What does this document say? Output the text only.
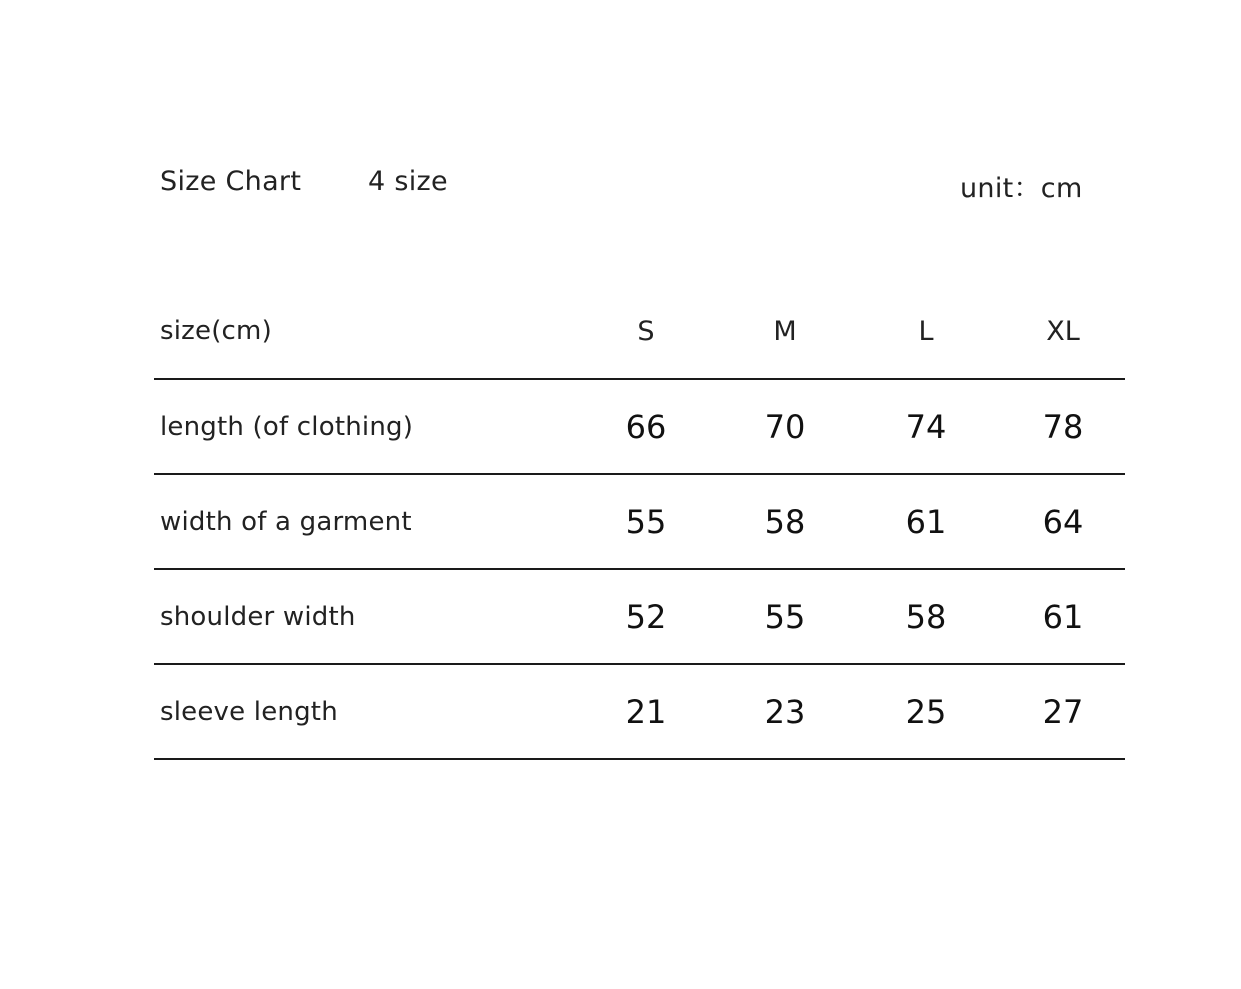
Size Chart 4 size	unit：cm
size(cm)	S	M	L	XL
length (of clothing)	66	70	74	78
width of a garment	55	58	61	64
shoulder width	52	55	58	61
sleeve length	21	23	25	27
